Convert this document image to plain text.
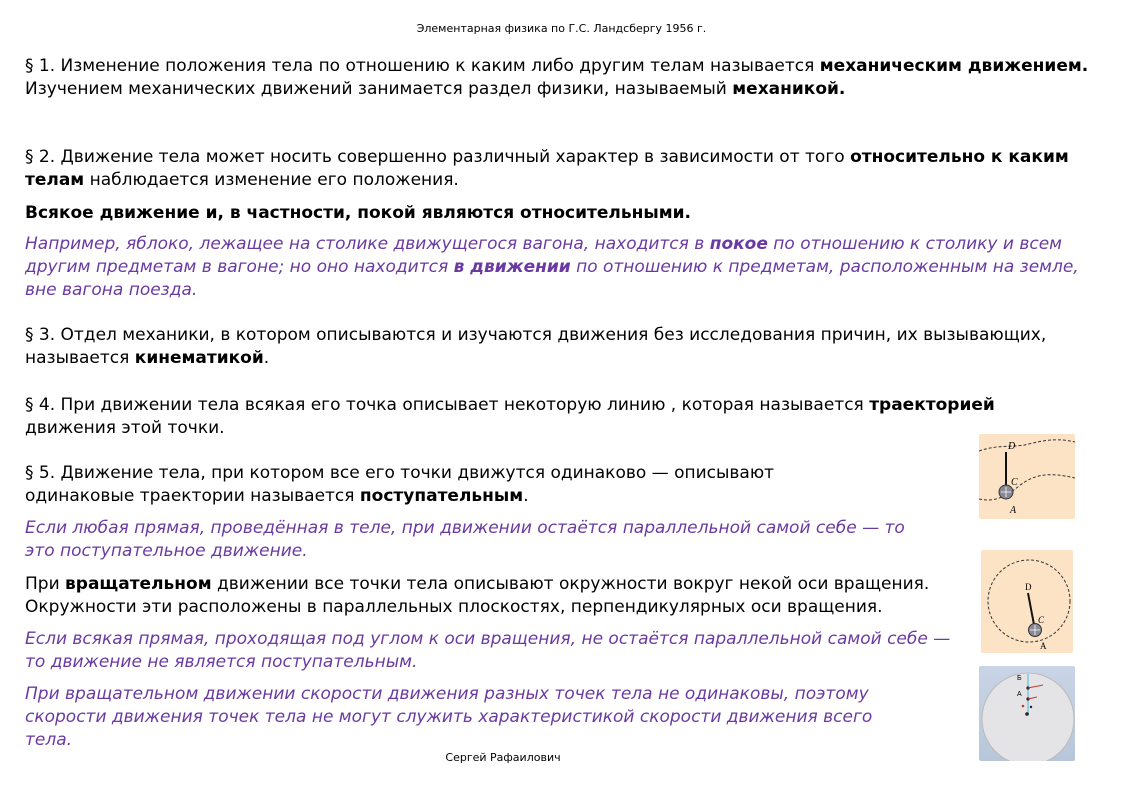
Элементарная физика по Г.С. Ландсбергу 1956 г.

§ 1. Изменение положения тела по отношению к каким либо другим телам называется механическим движением.
Изучением механических движений занимается раздел физики, называемый механикой.

§ 2. Движение тела может носить совершенно различный характер в зависимости от того относительно к каким телам наблюдается изменение его положения.

Всякое движение и, в частности, покой являются относительными.

Например, яблоко, лежащее на столике движущегося вагона, находится в покое по отношению к столику и всем другим предметам в вагоне; но оно находится в движении по отношению к предметам, расположенным на земле, вне вагона поезда.

§ 3. Отдел механики, в котором описываются и изучаются движения без исследования причин, их вызывающих, называется кинематикой.

§ 4. При движении тела всякая его точка описывает некоторую линию , которая называется траекторией движения этой точки.

§ 5. Движение тела, при котором все его точки движутся одинаково — описывают
одинаковые траектории называется поступательным.

Если любая прямая, проведённая в теле, при движении остаётся параллельной самой себе — то
это поступательное движение.

При вращательном движении все точки тела описывают окружности вокруг некой оси вращения.
Окружности эти расположены в параллельных плоскостях, перпендикулярных оси вращения.

Если всякая прямая, проходящая под углом к оси вращения, не остаётся параллельной самой себе —
то движение не является поступательным.

При вращательном движении скорости движения разных точек тела не одинаковы, поэтому
скорости движения точек тела не могут служить характеристикой скорости движения всего
тела.

D
C
A
D
C
A
Б
А
Сергей Рафаилович
